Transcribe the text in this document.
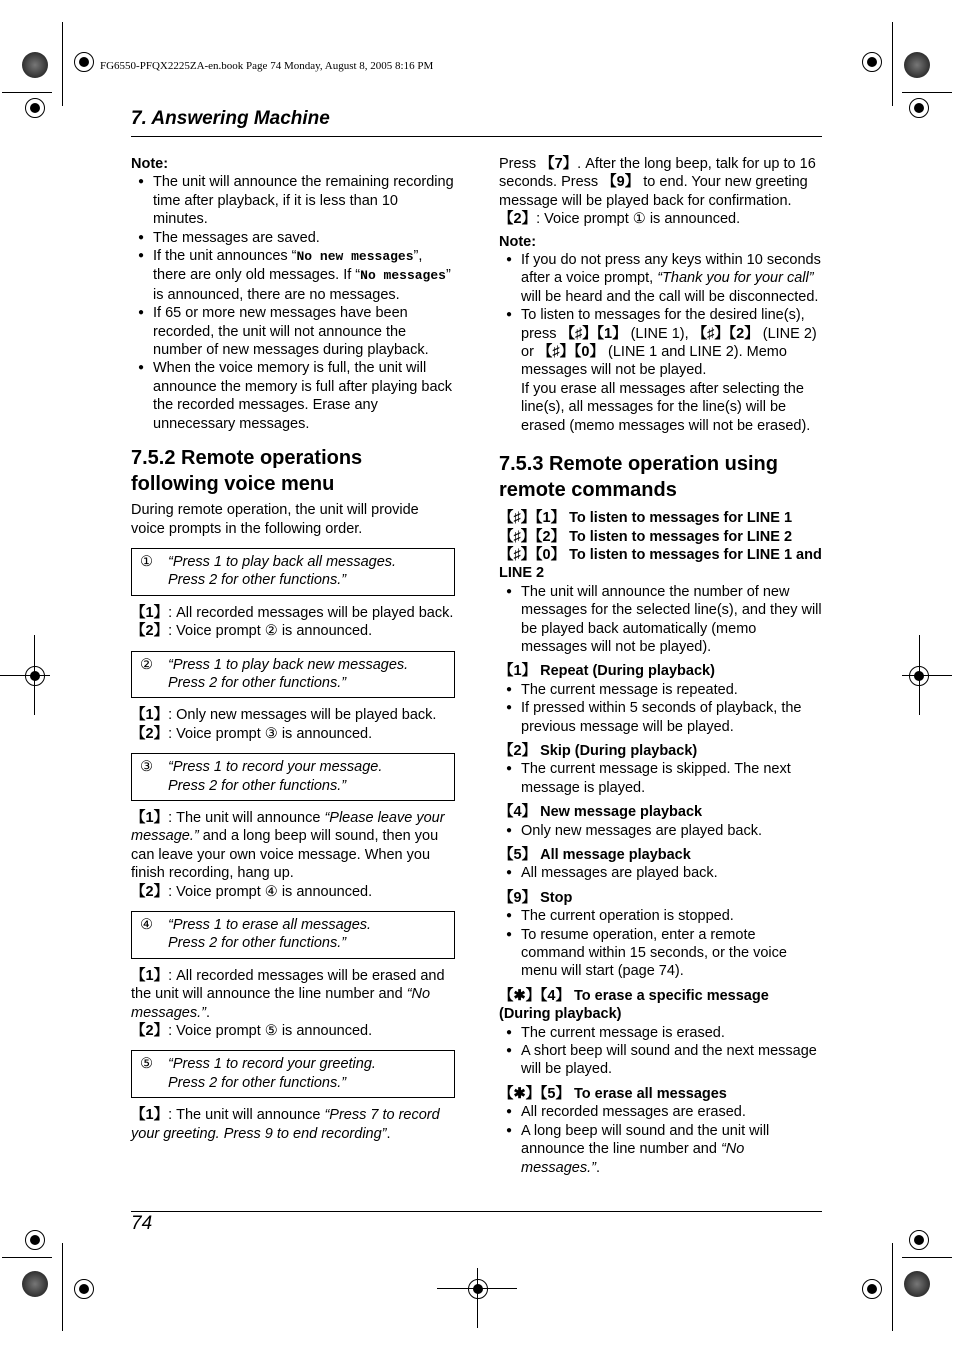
FG6550-PFQX2225ZA-en.book Page 74 Monday, August 8, 2005 8:16 PM
7. Answering Machine

Note:

● The unit will announce the remaining recording time after playback, if it is less than 10 minutes.
● The messages are saved.
● If the unit announces “No new messages”, there are only old messages. If “No messages” is announced, there are no messages.
● If 65 or more new messages have been recorded, the unit will not announce the number of new messages during playback.
● When the voice memory is full, the unit will announce the memory is full after playing back the recorded messages. Erase any unnecessary messages.
7.5.2 Remote operations following voice menu

During remote operation, the unit will provide voice prompts in the following order.

①	“Press 1 to play back all messages.
Press 2 for other functions.”

【1】: All recorded messages will be played back.

【2】: Voice prompt ② is announced.

②	“Press 1 to play back new messages.
Press 2 for other functions.”

【1】: Only new messages will be played back.

【2】: Voice prompt ③ is announced.

③	“Press 1 to record your message.
Press 2 for other functions.”

【1】: The unit will announce “Please leave your message.” and a long beep will sound, then you can leave your own voice message. When you finish recording, hang up.

【2】: Voice prompt ④ is announced.

④	“Press 1 to erase all messages.
Press 2 for other functions.”

【1】: All recorded messages will be erased and the unit will announce the line number and “No messages.”.

【2】: Voice prompt ⑤ is announced.

⑤	“Press 1 to record your greeting.
Press 2 for other functions.”

【1】: The unit will announce “Press 7 to record your greeting. Press 9 to end recording”.

Press 【7】. After the long beep, talk for up to 16 seconds. Press 【9】 to end. Your new greeting message will be played back for confirmation.

【2】: Voice prompt ① is announced.

Note:

● If you do not press any keys within 10 seconds after a voice prompt, “Thank you for your call” will be heard and the call will be disconnected.
● To listen to messages for the desired line(s), press 【♯】【1】 (LINE 1), 【♯】【2】 (LINE 2) or 【♯】【0】 (LINE 1 and LINE 2). Memo messages will not be played.
If you erase all messages after selecting the line(s), all messages for the line(s) will be erased (memo messages will not be erased).
7.5.3 Remote operation using remote commands

【♯】【1】 To listen to messages for LINE 1

【♯】【2】 To listen to messages for LINE 2

【♯】【0】 To listen to messages for LINE 1 and LINE 2

● The unit will announce the number of new messages for the selected line(s), and they will be played back automatically (memo messages will not be played).

【1】 Repeat (During playback)

● The current message is repeated.
● If pressed within 5 seconds of playback, the previous message will be played.

【2】 Skip (During playback)

● The current message is skipped. The next message is played.

【4】 New message playback

● Only new messages are played back.

【5】 All message playback

● All messages are played back.

【9】 Stop

● The current operation is stopped.
● To resume operation, enter a remote command within 15 seconds, or the voice menu will start (page 74).

【✱】【4】 To erase a specific message (During playback)

● The current message is erased.
● A short beep will sound and the next message will be played.

【✱】【5】 To erase all messages

● All recorded messages are erased.
● A long beep will sound and the unit will announce the line number and “No messages.”.
74
